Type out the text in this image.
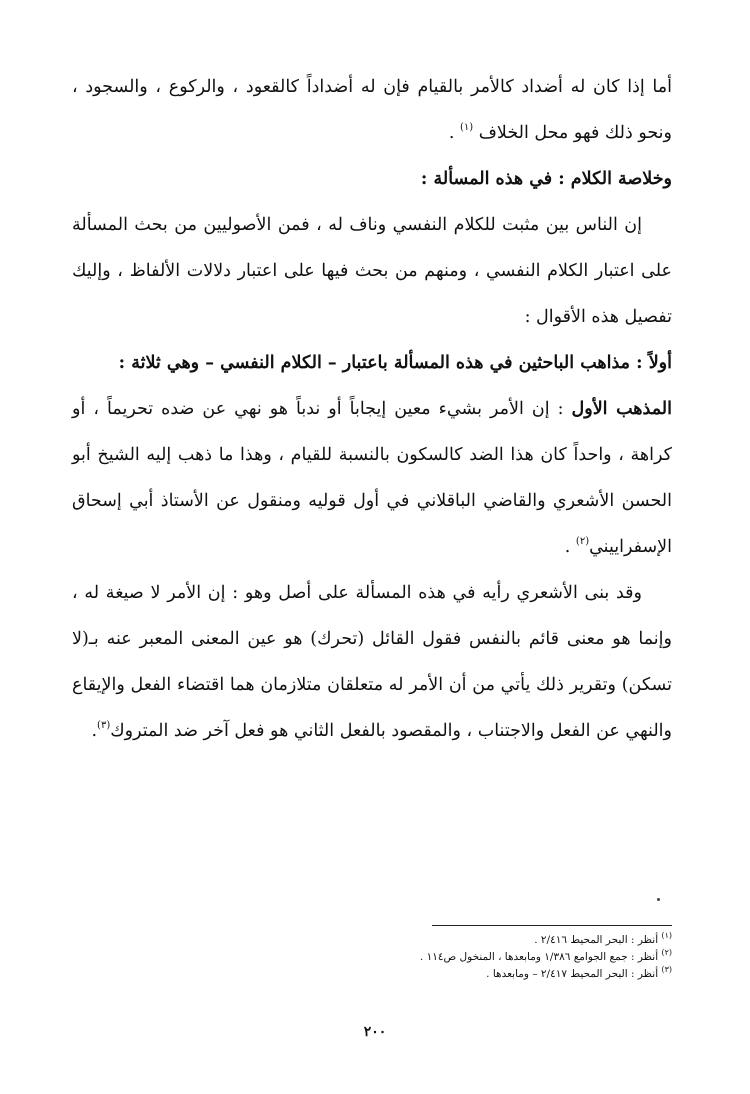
أما إذا كان له أضداد كالأمر بالقيام فإن له أضداداً كالقعود ، والركوع ، والسجود ، ونحو ذلك فهو محل الخلاف $^{(١)}$ .

وخلاصة الكلام : في هذه المسألة :

إن الناس بين مثبت للكلام النفسي وناف له ، فمن الأصوليين من بحث المسألة على اعتبار الكلام النفسي ، ومنهم من بحث فيها على اعتبار دلالات الألفاظ ، وإليك تفصيل هذه الأقوال :

أولاً : مذاهب الباحثين في هذه المسألة باعتبار – الكلام النفسي – وهي ثلاثة :

المذهب الأول : إن الأمر بشيء معين إيجاباً أو ندباً هو نهي عن ضده تحريماً ، أو كراهة ، واحداً كان هذا الضد كالسكون بالنسبة للقيام ، وهذا ما ذهب إليه الشيخ أبو الحسن الأشعري والقاضي الباقلاني في أول قوليه ومنقول عن الأستاذ أبي إسحاق الإسفراييني$^{(٢)}$ .

وقد بنى الأشعري رأيه في هذه المسألة على أصل وهو : إن الأمر لا صيغة له ، وإنما هو معنى قائم بالنفس فقول القائل (تحرك) هو عين المعنى المعبر عنه بـ(لا تسكن) وتقرير ذلك يأتي من أن الأمر له متعلقان متلازمان هما اقتضاء الفعل والإيقاع والنهي عن الفعل والاجتناب ، والمقصود بالفعل الثاني هو فعل آخر ضد المتروك$^{(٣)}$.

$^{(١)}$ أنظر : البحر المحيط ٢/٤١٦ .

$^{(٢)}$ أنظر : جمع الجوامع ١/٣٨٦ ومابعدها ، المنخول ص١١٤ .

$^{(٣)}$ أنظر : البحر المحيط ٢/٤١٧ – ومابعدها .

٢٠٠
